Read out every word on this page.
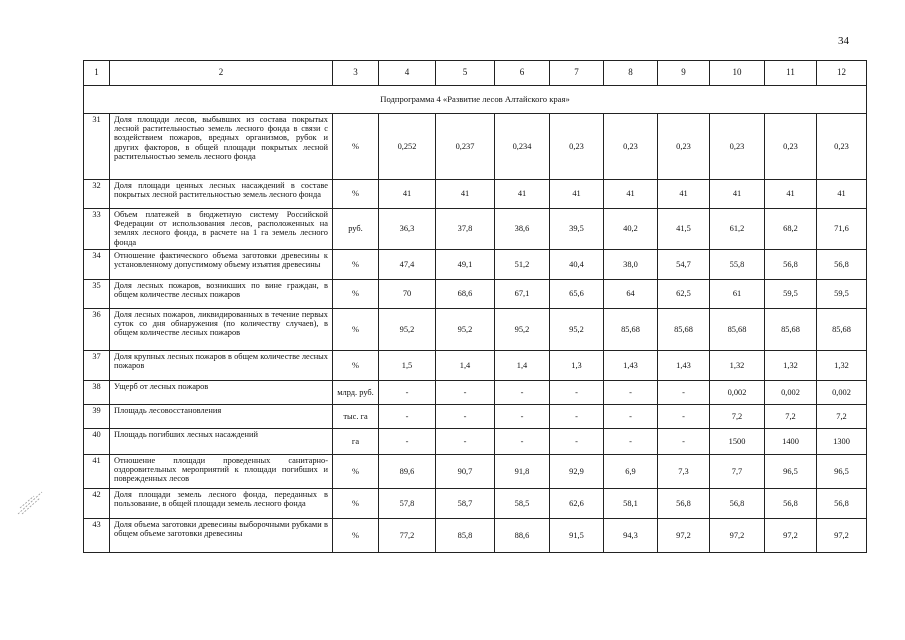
34
1	2	3	4	5	6	7	8	9	10	11	12
Подпрограмма 4 «Развитие лесов Алтайского края»											
31	Доля площади лесов, выбывших из состава покрытых лесной растительностью земель лесного фонда в связи с воздействием пожаров, вредных организмов, рубок и других факторов, в общей площади покрытых лесной растительностью земель лесного фонда	%	0,252	0,237	0,234	0,23	0,23	0,23	0,23	0,23	0,23
32	Доля площади ценных лесных насаждений в составе покрытых лесной растительностью земель лесного фонда	%	41	41	41	41	41	41	41	41	41
33	Объем платежей в бюджетную систему Российской Федерации от использования лесов, расположенных на землях лесного фонда, в расчете на 1 га земель лесного фонда	руб.	36,3	37,8	38,6	39,5	40,2	41,5	61,2	68,2	71,6
34	Отношение фактического объема заготовки древесины к установленному допустимому объему изъятия древесины	%	47,4	49,1	51,2	40,4	38,0	54,7	55,8	56,8	56,8
35	Доля лесных пожаров, возникших по вине граждан, в общем количестве лесных пожаров	%	70	68,6	67,1	65,6	64	62,5	61	59,5	59,5
36	Доля лесных пожаров, ликвидированных в течение первых суток со дня обнаружения (по количеству случаев), в общем количестве лесных пожаров	%	95,2	95,2	95,2	95,2	85,68	85,68	85,68	85,68	85,68
37	Доля крупных лесных пожаров в общем количестве лесных пожаров	%	1,5	1,4	1,4	1,3	1,43	1,43	1,32	1,32	1,32
38	Ущерб от лесных пожаров	млрд. руб.	-	-	-	-	-	-	0,002	0,002	0,002
39	Площадь лесовосстановления	тыс. га	-	-	-	-	-	-	7,2	7,2	7,2
40	Площадь погибших лесных насаждений	га	-	-	-	-	-	-	1500	1400	1300
41	Отношение площади проведенных санитарно-оздоровительных мероприятий к площади погибших и поврежденных лесов	%	89,6	90,7	91,8	92,9	6,9	7,3	7,7	96,5	96,5
42	Доля площади земель лесного фонда, переданных в пользование, в общей площади земель лесного фонда	%	57,8	58,7	58,5	62,6	58,1	56,8	56,8	56,8	56,8
43	Доля объема заготовки древесины выборочными рубками в общем объеме заготовки древесины	%	77,2	85,8	88,6	91,5	94,3	97,2	97,2	97,2	97,2
